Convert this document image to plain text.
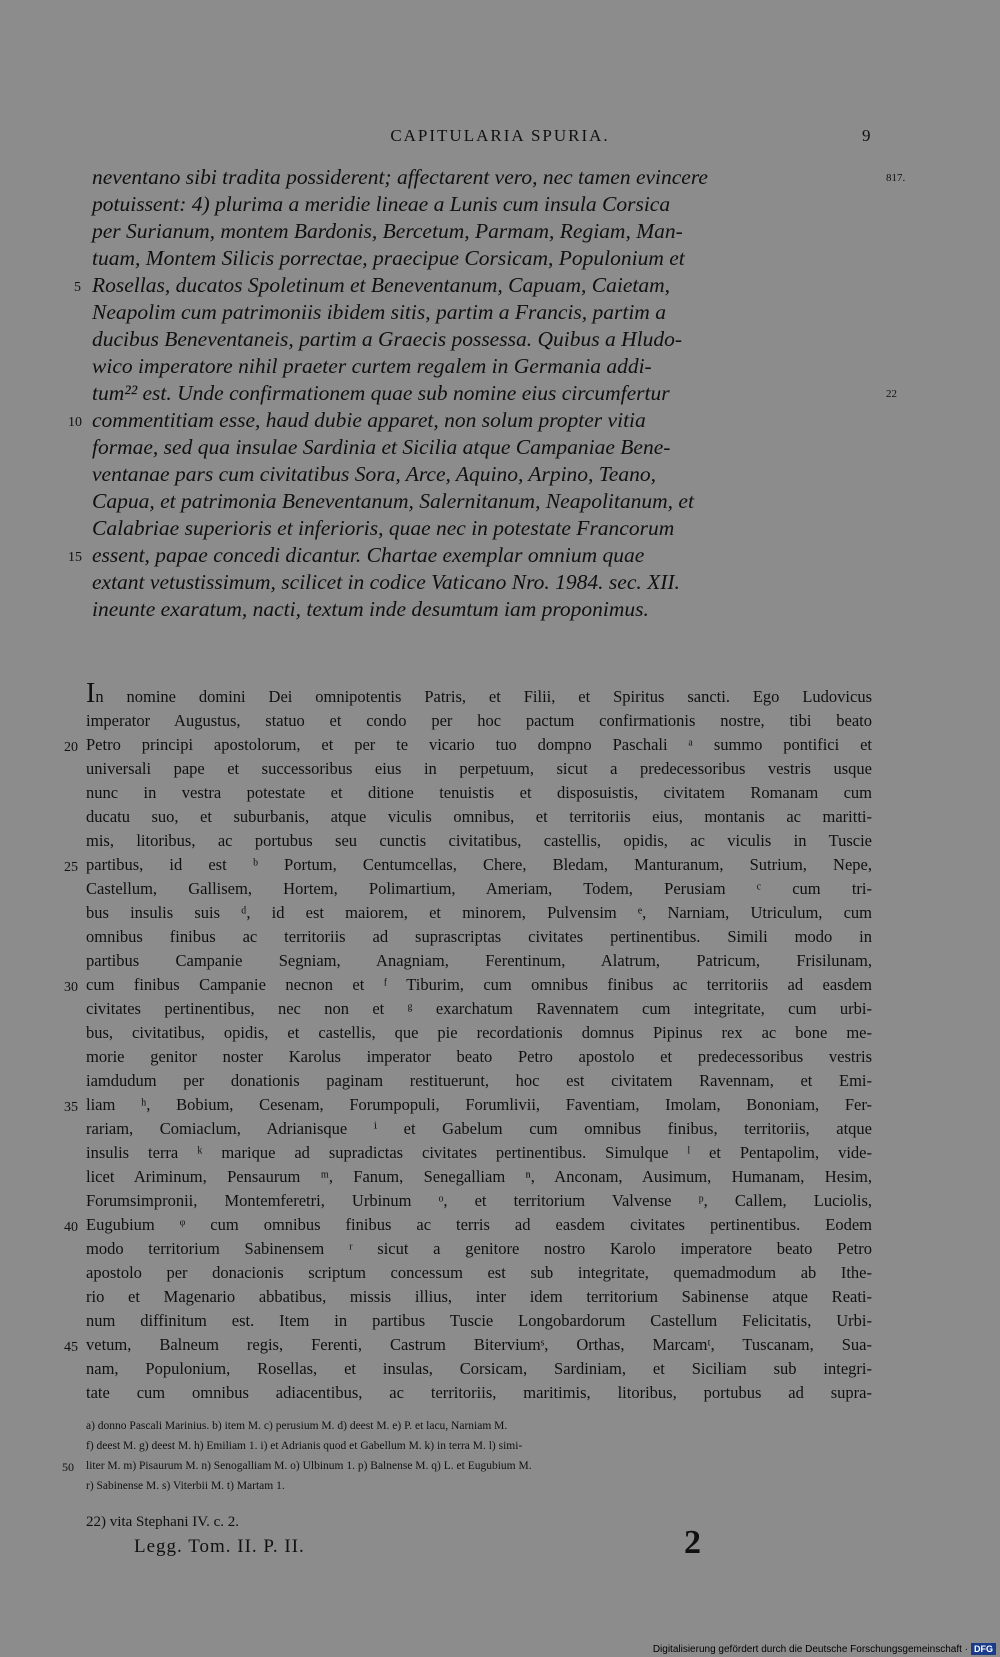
CAPITULARIA SPURIA.	9
neventano sibi tradita possiderent; affectarent vero, nec tamen evincere
potuissent: 4) plurima a meridie lineae a Lunis cum insula Corsica
per Surianum, montem Bardonis, Bercetum, Parmam, Regiam, Man-
tuam, Montem Silicis porrectae, praecipue Corsicam, Populonium et
Rosellas, ducatos Spoletinum et Beneventanum, Capuam, Caietam,
Neapolim cum patrimoniis ibidem sitis, partim a Francis, partim a
ducibus Beneventaneis, partim a Graecis possessa. Quibus a Hludo-
wico imperatore nihil praeter curtem regalem in Germania addi-
tum²² est. Unde confirmationem quae sub nomine eius circumfertur
commentitiam esse, haud dubie apparet, non solum propter vitia
formae, sed qua insulae Sardinia et Sicilia atque Campaniae Bene-
ventanae pars cum civitatibus Sora, Arce, Aquino, Arpino, Teano,
Capua, et patrimonia Beneventanum, Salernitanum, Neapolitanum, et
Calabriae superioris et inferioris, quae nec in potestate Francorum
essent, papae concedi dicantur. Chartae exemplar omnium quae
extant vetustissimum, scilicet in codice Vaticano Nro. 1984. sec. XII.
ineunte exaratum, nacti, textum inde desumtum iam proponimus.
5
10
15
817.
22
In nomine domini Dei omnipotentis Patris, et Filii, et Spiritus sancti. Ego Ludovicus
imperator Augustus, statuo et condo per hoc pactum confirmationis nostre, tibi beato
Petro principi apostolorum, et per te vicario tuo dompno Paschali ᵃ summo pontifici et
universali pape et successoribus eius in perpetuum, sicut a predecessoribus vestris usque
nunc in vestra potestate et ditione tenuistis et disposuistis, civitatem Romanam cum
ducatu suo, et suburbanis, atque viculis omnibus, et territoriis eius, montanis ac maritti-
mis, litoribus, ac portubus seu cunctis civitatibus, castellis, opidis, ac viculis in Tuscie
partibus, id est ᵇ Portum, Centumcellas, Chere, Bledam, Manturanum, Sutrium, Nepe,
Castellum, Gallisem, Hortem, Polimartium, Ameriam, Todem, Perusiam ᶜ cum tri-
bus insulis suis ᵈ, id est maiorem, et minorem, Pulvensim ᵉ, Narniam, Utriculum, cum
omnibus finibus ac territoriis ad suprascriptas civitates pertinentibus. Simili modo in
partibus Campanie Segniam, Anagniam, Ferentinum, Alatrum, Patricum, Frisilunam,
cum finibus Campanie necnon et ᶠ Tiburim, cum omnibus finibus ac territoriis ad easdem
civitates pertinentibus, nec non et ᵍ exarchatum Ravennatem cum integritate, cum urbi-
bus, civitatibus, opidis, et castellis, que pie recordationis domnus Pipinus rex ac bone me-
morie genitor noster Karolus imperator beato Petro apostolo et predecessoribus vestris
iamdudum per donationis paginam restituerunt, hoc est civitatem Ravennam, et Emi-
liam ʰ, Bobium, Cesenam, Forumpopuli, Forumlivii, Faventiam, Imolam, Bononiam, Fer-
rariam, Comiaclum, Adrianisque ⁱ et Gabelum cum omnibus finibus, territoriis, atque
insulis terra ᵏ marique ad supradictas civitates pertinentibus. Simulque ˡ et Pentapolim, vide-
licet Ariminum, Pensaurum ᵐ, Fanum, Senegalliam ⁿ, Anconam, Ausimum, Humanam, Hesim,
Forumsimpronii, Montemferetri, Urbinum ᵒ, et territorium Valvense ᵖ, Callem, Luciolis,
Eugubium ᵠ cum omnibus finibus ac terris ad easdem civitates pertinentibus. Eodem
modo territorium Sabinensem ʳ sicut a genitore nostro Karolo imperatore beato Petro
apostolo per donacionis scriptum concessum est sub integritate, quemadmodum ab Ithe-
rio et Magenario abbatibus, missis illius, inter idem territorium Sabinense atque Reati-
num diffinitum est. Item in partibus Tuscie Longobardorum Castellum Felicitatis, Urbi-
vetum, Balneum regis, Ferenti, Castrum Biterviumˢ, Orthas, Marcamᵗ, Tuscanam, Sua-
nam, Populonium, Rosellas, et insulas, Corsicam, Sardiniam, et Siciliam sub integri-
tate cum omnibus adiacentibus, ac territoriis, maritimis, litoribus, portubus ad supra-
20
25
30
35
40
45
a) donno Pascali Marinius. b) item M. c) perusium M. d) deest M. e) P. et lacu, Narniam M.
f) deest M. g) deest M. h) Emiliam 1. i) et Adrianis quod et Gabellum M. k) in terra M. l) simi-
liter M. m) Pisaurum M. n) Senogalliam M. o) Ulbinum 1. p) Balnense M. q) L. et Eugubium M.
r) Sabinense M. s) Viterbii M. t) Martam 1.
50
22) vita Stephani IV. c. 2.
Legg. Tom. II. P. II.	2
Digitalisierung gefördert durch die Deutsche Forschungsgemeinschaft · DFG
